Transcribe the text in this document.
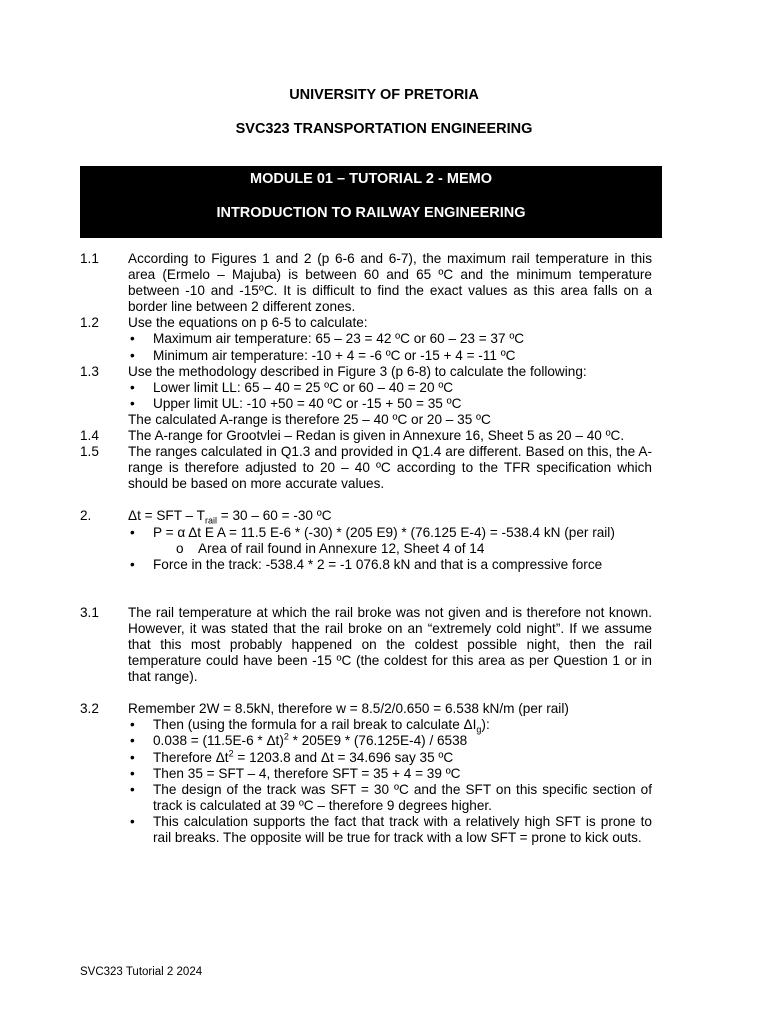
UNIVERSITY OF PRETORIA
SVC323 TRANSPORTATION ENGINEERING
MODULE 01 – TUTORIAL 2 - MEMO
INTRODUCTION TO RAILWAY ENGINEERING
1.1	According to Figures 1 and 2 (p 6-6 and 6-7), the maximum rail temperature in this area (Ermelo – Majuba) is between 60 and 65 ºC and the minimum temperature between -10 and -15ºC. It is difficult to find the exact values as this area falls on a border line between 2 different zones.
1.2	Use the equations on p 6-5 to calculate:
•	Maximum air temperature: 65 – 23 = 42 ºC or 60 – 23 = 37 ºC
•	Minimum air temperature: -10 + 4 = -6 ºC or -15 + 4 = -11 ºC
1.3	Use the methodology described in Figure 3 (p 6-8) to calculate the following:
•	Lower limit LL: 65 – 40 = 25 ºC or 60 – 40 = 20 ºC
•	Upper limit UL: -10 +50 = 40 ºC or -15 + 50 = 35 ºC
The calculated A-range is therefore 25 – 40 ºC or 20 – 35 ºC
1.4	The A-range for Grootvlei – Redan is given in Annexure 16, Sheet 5 as 20 – 40 ºC.
1.5	The ranges calculated in Q1.3 and provided in Q1.4 are different. Based on this, the A-range is therefore adjusted to 20 – 40 ºC according to the TFR specification which should be based on more accurate values.
2.	Δt = SFT – $T_{rail} = 30 - 60 = -30$ ºC
•	P = α Δt E A = 11.5 E-6 * (-30) * (205 E9) * (76.125 E-4) = -538.4 kN (per rail)
o	Area of rail found in Annexure 12, Sheet 4 of 14
•	Force in the track: -538.4 * 2 = -1 076.8 kN and that is a compressive force
3.1	The rail temperature at which the rail broke was not given and is therefore not known. However, it was stated that the rail broke on an “extremely cold night”. If we assume that this most probably happened on the coldest possible night, then the rail temperature could have been -15 ºC (the coldest for this area as per Question 1 or in that range).
3.2	Remember 2W = 8.5kN, therefore w = 8.5/2/0.650 = 6.538 kN/m (per rail)
•	Then (using the formula for a rail break to calculate $\Delta I_g$):
•	0.038 = (11.5E-6 * Δt)$^2$ * 205E9 * (76.125E-4) / 6538
•	Therefore $\Delta t^2 = 1203.8$ and Δt = 34.696 say 35 ºC
•	Then 35 = SFT – 4, therefore SFT = 35 + 4 = 39 ºC
•	The design of the track was SFT = 30 ºC and the SFT on this specific section of track is calculated at 39 ºC – therefore 9 degrees higher.
•	This calculation supports the fact that track with a relatively high SFT is prone to rail breaks. The opposite will be true for track with a low SFT = prone to kick outs.
SVC323 Tutorial 2 2024
